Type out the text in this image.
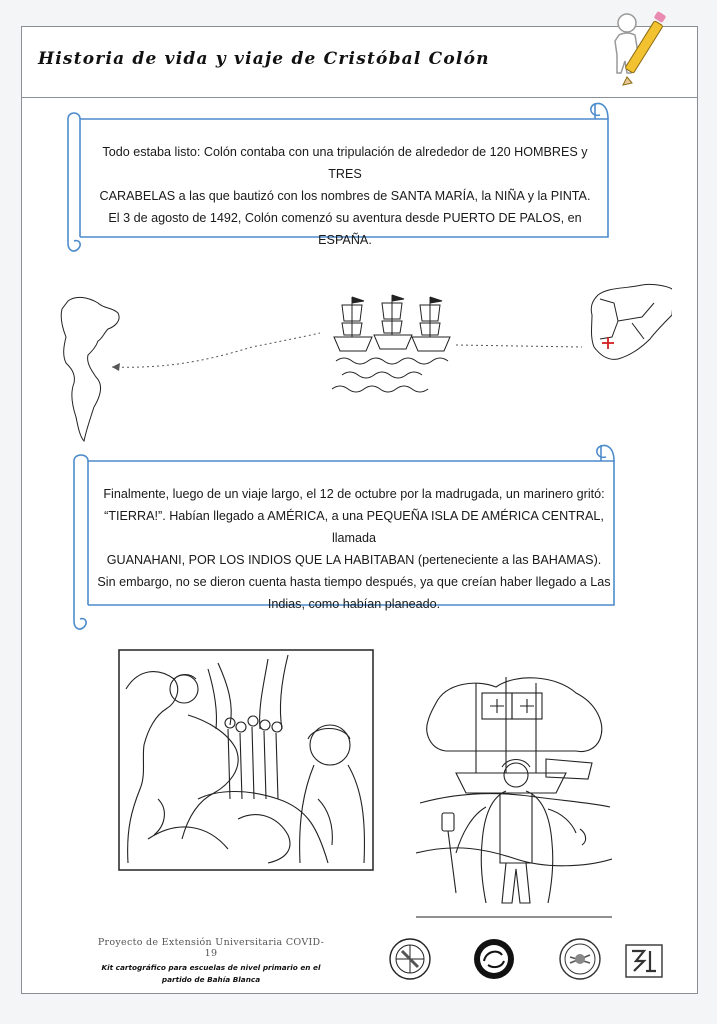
Historia de vida y viaje de Cristóbal Colón
Todo estaba listo: Colón contaba con una tripulación de alrededor de 120 HOMBRES y TRES
CARABELAS a las que bautizó con los nombres de SANTA MARÍA, la NIÑA y la PINTA.
El 3 de agosto de 1492, Colón comenzó su aventura desde PUERTO DE PALOS, en ESPAÑA.
Finalmente, luego de un viaje largo, el 12 de octubre por la madrugada, un marinero gritó:
“TIERRA!”. Habían llegado a AMÉRICA, a una PEQUEÑA ISLA DE AMÉRICA CENTRAL, llamada
GUANAHANI, POR LOS INDIOS QUE LA HABITABAN (perteneciente a las BAHAMAS).
Sin embargo, no se dieron cuenta hasta tiempo después, ya que creían haber llegado a Las
Indias, como habían planeado.
Proyecto de Extensión Universitaria COVID-19
Kit cartográfico para escuelas de nivel primario en el
partido de Bahía Blanca
